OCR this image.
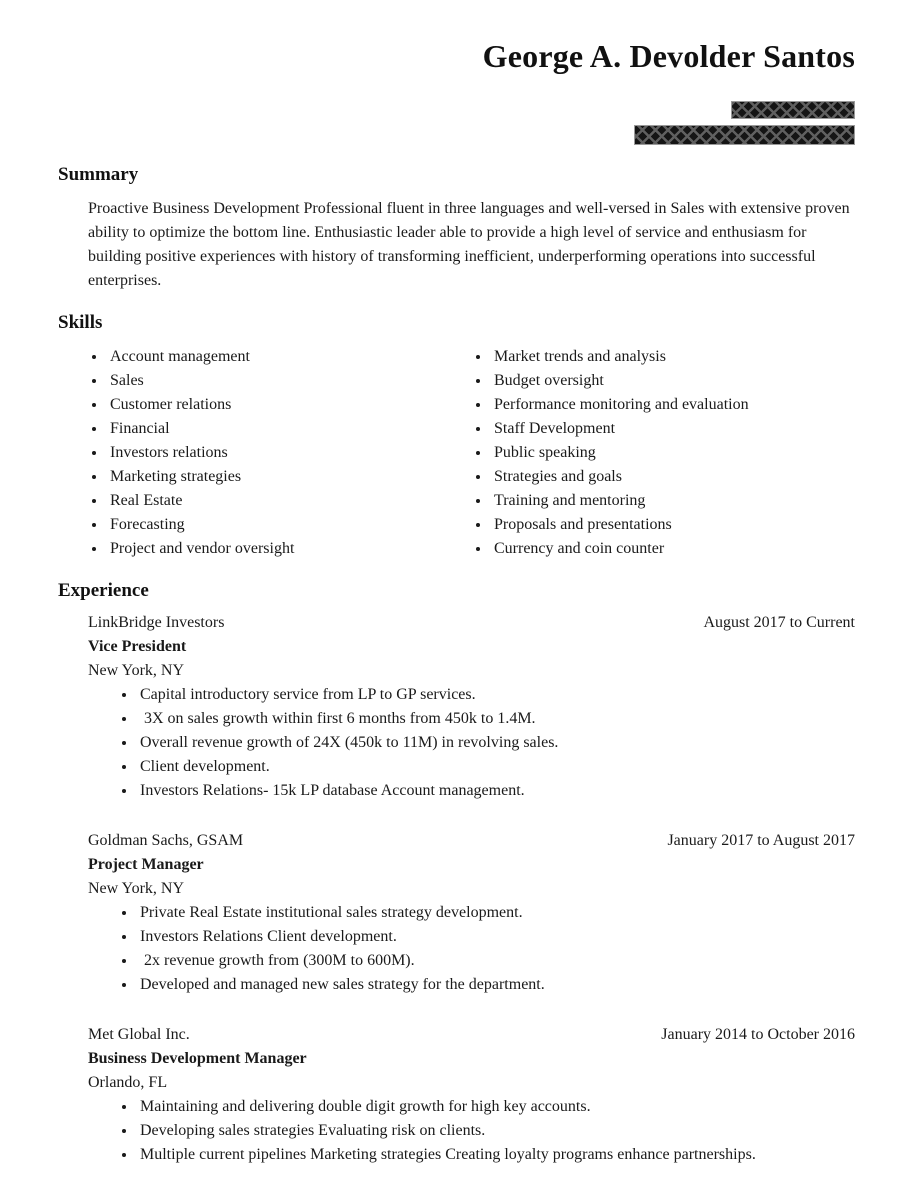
George A. Devolder Santos
Summary

Proactive Business Development Professional fluent in three languages and well-versed in Sales with extensive proven ability to optimize the bottom line. Enthusiastic leader able to provide a high level of service and enthusiasm for building positive experiences with history of transforming inefficient, underperforming operations into successful enterprises.

Skills
• Account management
• Sales
• Customer relations
• Financial
• Investors relations
• Marketing strategies
• Real Estate
• Forecasting
• Project and vendor oversight
• Market trends and analysis
• Budget oversight
• Performance monitoring and evaluation
• Staff Development
• Public speaking
• Strategies and goals
• Training and mentoring
• Proposals and presentations
• Currency and coin counter
Experience
LinkBridge Investors	August 2017 to Current
Vice President
New York, NY
• Capital introductory service from LP to GP services.
•  3X on sales growth within first 6 months from 450k to 1.4M.
• Overall revenue growth of 24X (450k to 11M) in revolving sales.
• Client development.
• Investors Relations- 15k LP database Account management.
Goldman Sachs, GSAM	January 2017 to August 2017
Project Manager
New York, NY
• Private Real Estate institutional sales strategy development.
• Investors Relations Client development.
•  2x revenue growth from (300M to 600M).
• Developed and managed new sales strategy for the department.
Met Global Inc.	January 2014 to October 2016
Business Development Manager
Orlando, FL
• Maintaining and delivering double digit growth for high key accounts.
• Developing sales strategies Evaluating risk on clients.
• Multiple current pipelines Marketing strategies Creating loyalty programs enhance partnerships.
